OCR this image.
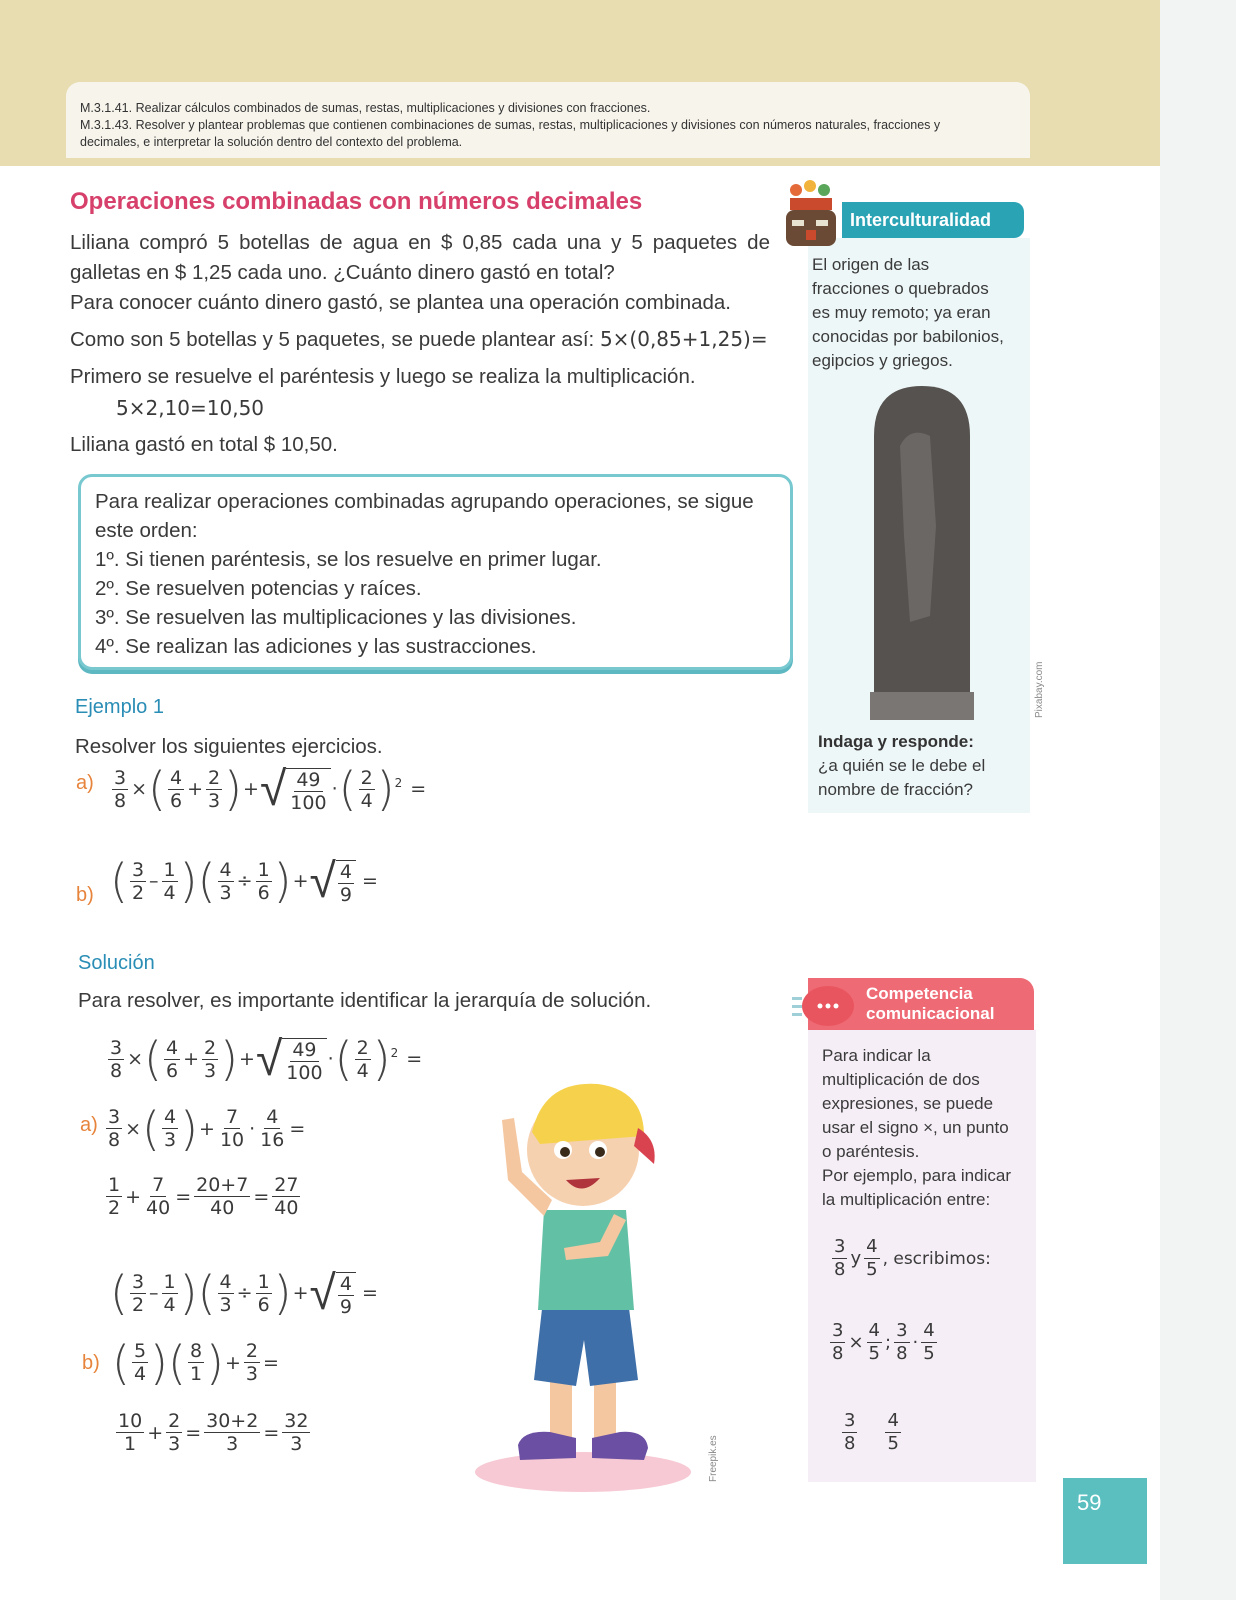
M.3.1.41. Realizar cálculos combinados de sumas, restas, multiplicaciones y divisiones con fracciones.
M.3.1.43. Resolver y plantear problemas que contienen combinaciones de sumas, restas, multiplicaciones y divisiones con números naturales, fracciones y
decimales, e interpretar la solución dentro del contexto del problema.
Operaciones combinadas con números decimales
Liliana compró 5 botellas de agua en $ 0,85 cada una y 5 paquetes de
galletas en $ 1,25 cada uno. ¿Cuánto dinero gastó en total?
Para conocer cuánto dinero gastó, se plantea una operación combinada.
Como son 5 botellas y 5 paquetes, se puede plantear así: 5×(0,85+1,25)=
Primero se resuelve el paréntesis y luego se realiza la multiplicación.
5×2,10=10,50
Liliana gastó en total $ 10,50.

Para realizar operaciones combinadas agrupando operaciones, se sigue

este orden:

1º. Si tienen paréntesis, se los resuelve en primer lugar.

2º. Se resuelven potencias y raíces.

3º. Se resuelven las multiplicaciones y las divisiones.

4º. Se realizan las adiciones y las sustracciones.

Ejemplo 1
Resolver los siguientes ejercicios.
$a) \frac{3}{8}$ × ( 4
6
+ $\frac{2}{3}$ ) + √ 49
100
· ( 2
4 ) 2 =
b) ( 3
2
–
1
4 ) ( $\frac{4}{3} \div \frac{1}{6}$ ) + √ 4
9
=
Solución
Para resolver, es importante identificar la jerarquía de solución.
$\frac{3}{8}$ × ( 4
6
+ $\frac{2}{3}$ ) + √ 49
100
· ( 2
4 ) 2 =
$a) \frac{3}{8}$ × ( 4
3 ) + $\frac{7}{10} \cdot \frac{4}{16}$ =
1
2
+ $\frac{7}{40} = \frac{20+7}{40} = \frac{27}{40}$
( 3
2
–
1
4 ) ( $\frac{4}{3} \div \frac{1}{6}$ ) + √ 4
9
=
b) ( 5
4 ) ( 8
1 ) + $\frac{2}{3}$ =
10
1
+ $\frac{2}{3} = \frac{30+2}{3} = \frac{32}{3}$
Interculturalidad
El origen de las
fracciones o quebrados
es muy remoto; ya eran
conocidas por babilonios,
egipcios y griegos.
Pixabay.com
Indaga y responde:
¿a quién se le debe el
nombre de fracción?
Competencia
comunicacional
Para indicar la
multiplicación de dos
expresiones, se puede
usar el signo ×, un punto
o paréntesis.
Por ejemplo, para indicar
la multiplicación entre:
3
8
y
4
5
, escribimos:
$\frac{3}{8} \times \frac{4}{5}$ ;
3
8
·
4
5
3
8
4
5
Freepik.es
59
